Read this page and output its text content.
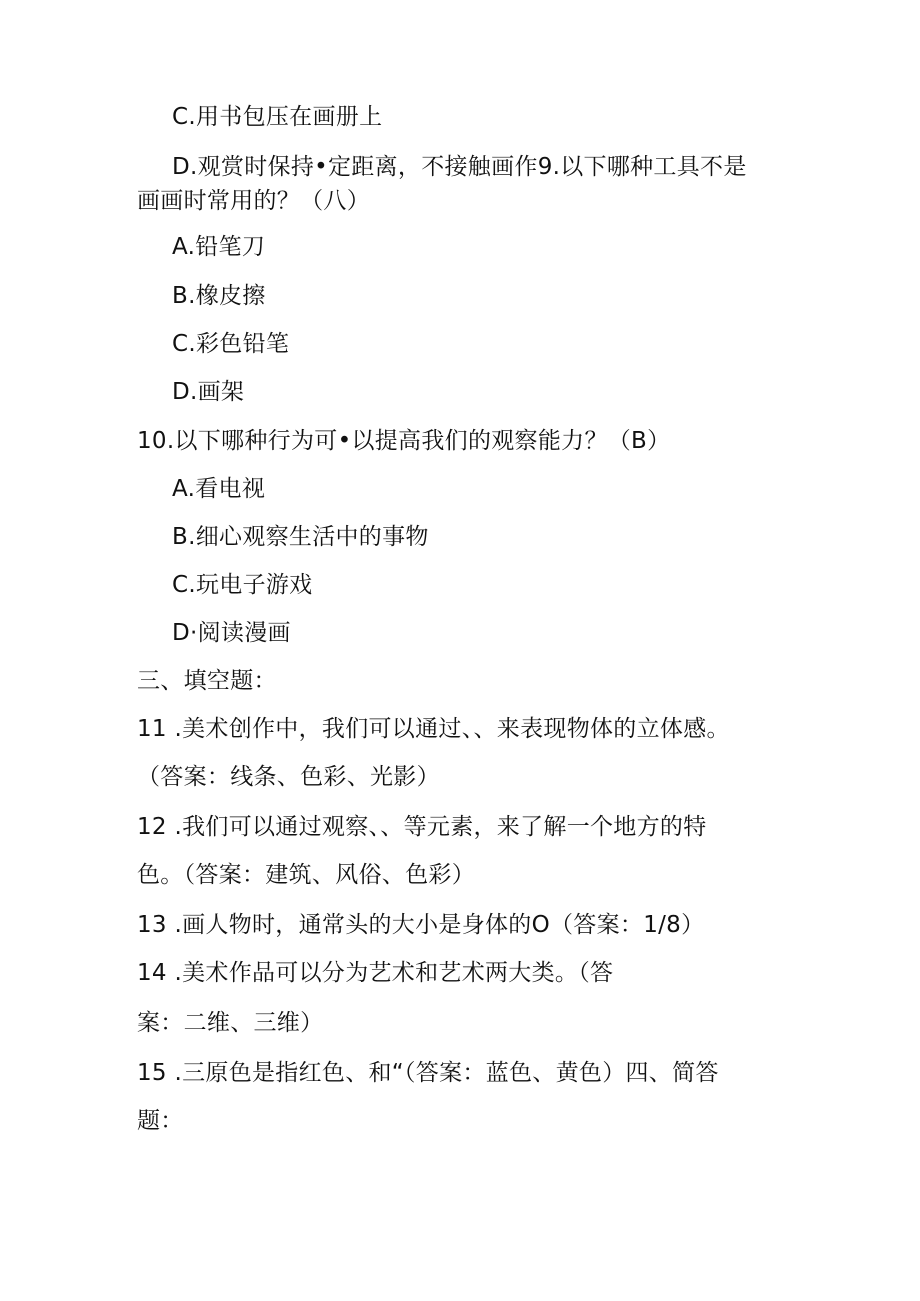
C.用书包压在画册上
D.观赏时保持•定距离，不接触画作9.以下哪种工具不是
画画时常用的？（八）
A.铅笔刀
B.橡皮擦
C.彩色铅笔
D.画架
10.以下哪种行为可•以提高我们的观察能力？（B）
A.看电视
B.细心观察生活中的事物
C.玩电子游戏
D·阅读漫画
三、填空题：
11 .美术创作中，我们可以通过、、来表现物体的立体感。
（答案：线条、色彩、光影）
12 .我们可以通过观察、、等元素，来了解一个地方的特
色。（答案：建筑、风俗、色彩）
13 .画人物时，通常头的大小是身体的O（答案：1/8）
14 .美术作品可以分为艺术和艺术两大类。（答
案：二维、三维）
15 .三原色是指红色、和“（答案：蓝色、黄色）四、简答
题：
